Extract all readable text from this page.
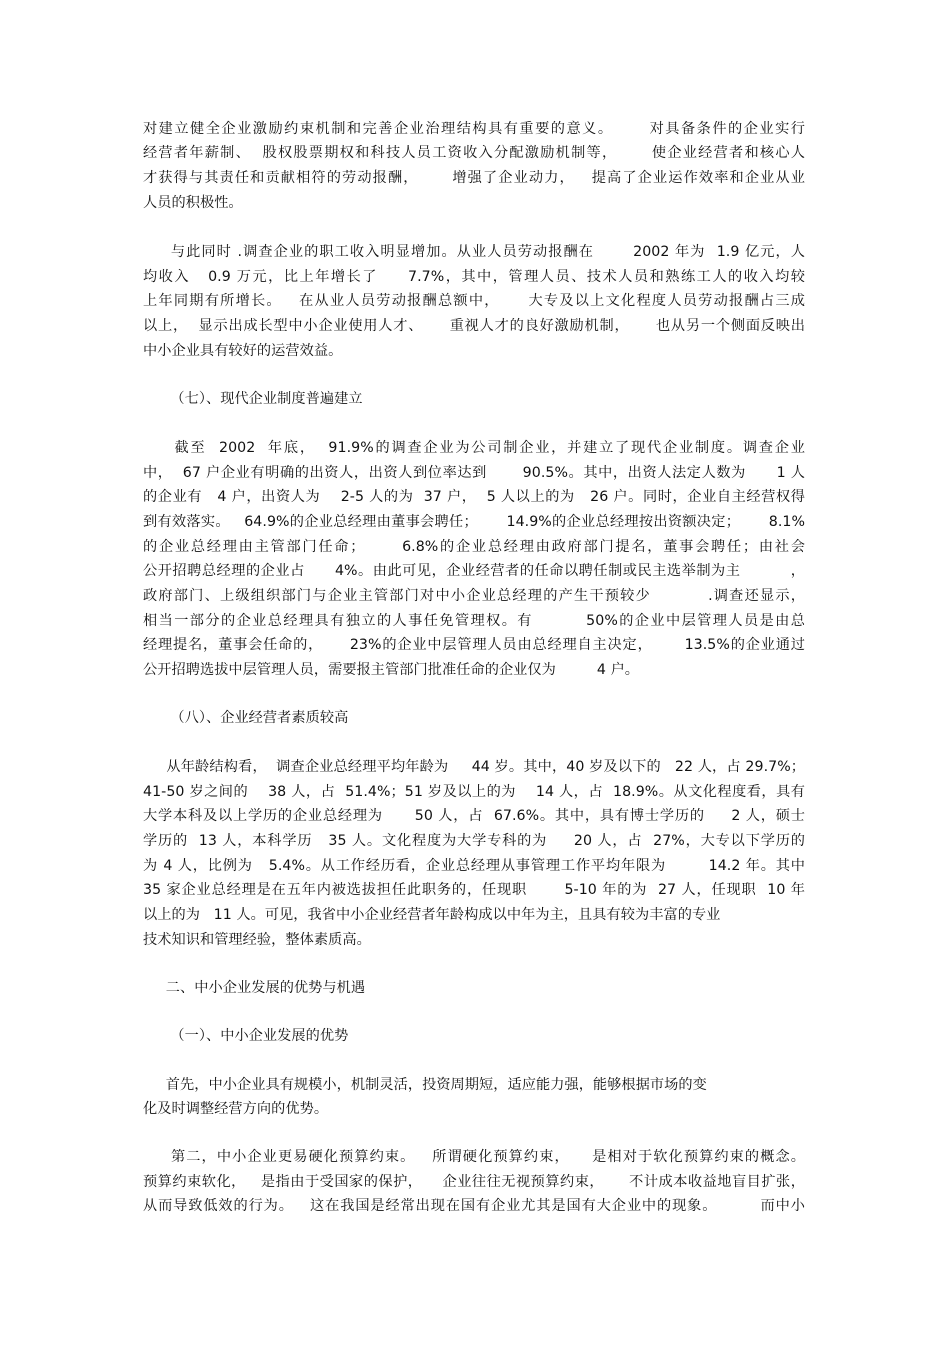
对建立健全企业激励约束机制和完善企业治理结构具有重要的意义。      对具备条件的企业实行
经营者年薪制、  股权股票期权和科技人员工资收入分配激励机制等，      使企业经营者和核心人
才获得与其责任和贡献相符的劳动报酬，      增强了企业动力，   提高了企业运作效率和企业从业
人员的积极性。
与此同时 .调查企业的职工收入明显增加。从业人员劳动报酬在       2002 年为  1.9 亿元，人
均收入   0.9 万元，比上年增长了     7.7%，其中，管理人员、技术人员和熟练工人的收入均较
上年同期有所增长。   在从业人员劳动报酬总额中，     大专及以上文化程度人员劳动报酬占三成
以上，  显示出成长型中小企业使用人才、     重视人才的良好激励机制，     也从另一个侧面反映出
中小企业具有较好的运营效益。
（七）、现代企业制度普遍建立
截至  2002  年底，  91.9%的调查企业为公司制企业，并建立了现代企业制度。调查企业
中，  67 户企业有明确的出资人，出资人到位率达到       90.5%。其中，出资人法定人数为      1 人
的企业有   4 户，出资人为    2-5 人的为  37 户，  5 人以上的为   26 户。同时，企业自主经营权得
到有效落实。   64.9%的企业总经理由董事会聘任；      14.9%的企业总经理按出资额决定；      8.1%
的企业总经理由主管部门任命；      6.8%的企业总经理由政府部门提名，董事会聘任；由社会
公开招聘总经理的企业占      4%。由此可见，企业经营者的任命以聘任制或民主选举制为主          ，
政府部门、上级组织部门与企业主管部门对中小企业总经理的产生干预较少          .调查还显示，
相当一部分的企业总经理具有独立的人事任免管理权。有         50%的企业中层管理人员是由总
经理提名，董事会任命的，     23%的企业中层管理人员由总经理自主决定，      13.5%的企业通过
公开招聘选拔中层管理人员，需要报主管部门批准任命的企业仅为         4 户。
（八）、企业经营者素质较高
从年龄结构看，  调查企业总经理平均年龄为     44 岁。其中，40 岁及以下的   22 人，占 29.7%；
41-50 岁之间的    38 人，占  51.4%；51 岁及以上的为    14 人，占  18.9%。从文化程度看，具有
大学本科及以上学历的企业总经理为      50 人，占  67.6%。其中，具有博士学历的     2 人，硕士
学历的  13 人，本科学历   35 人。文化程度为大学专科的为     20 人，占  27%，大专以下学历的
为 4 人，比例为   5.4%。从工作经历看，企业总经理从事管理工作平均年限为        14.2 年。其中
35 家企业总经理是在五年内被选拔担任此职务的，任现职       5-10 年的为  27 人，任现职  10 年
以上的为   11 人。可见，我省中小企业经营者年龄构成以中年为主，且具有较为丰富的专业
技术知识和管理经验，整体素质高。
二、中小企业发展的优势与机遇
（一）、中小企业发展的优势
首先，中小企业具有规模小，机制灵活，投资周期短，适应能力强，能够根据市场的变
化及时调整经营方向的优势。
第二，中小企业更易硬化预算约束。   所谓硬化预算约束，    是相对于软化预算约束的概念。
预算约束软化，   是指由于受国家的保护，    企业往往无视预算约束，     不计成本收益地盲目扩张，
从而导致低效的行为。   这在我国是经常出现在国有企业尤其是国有大企业中的现象。        而中小
